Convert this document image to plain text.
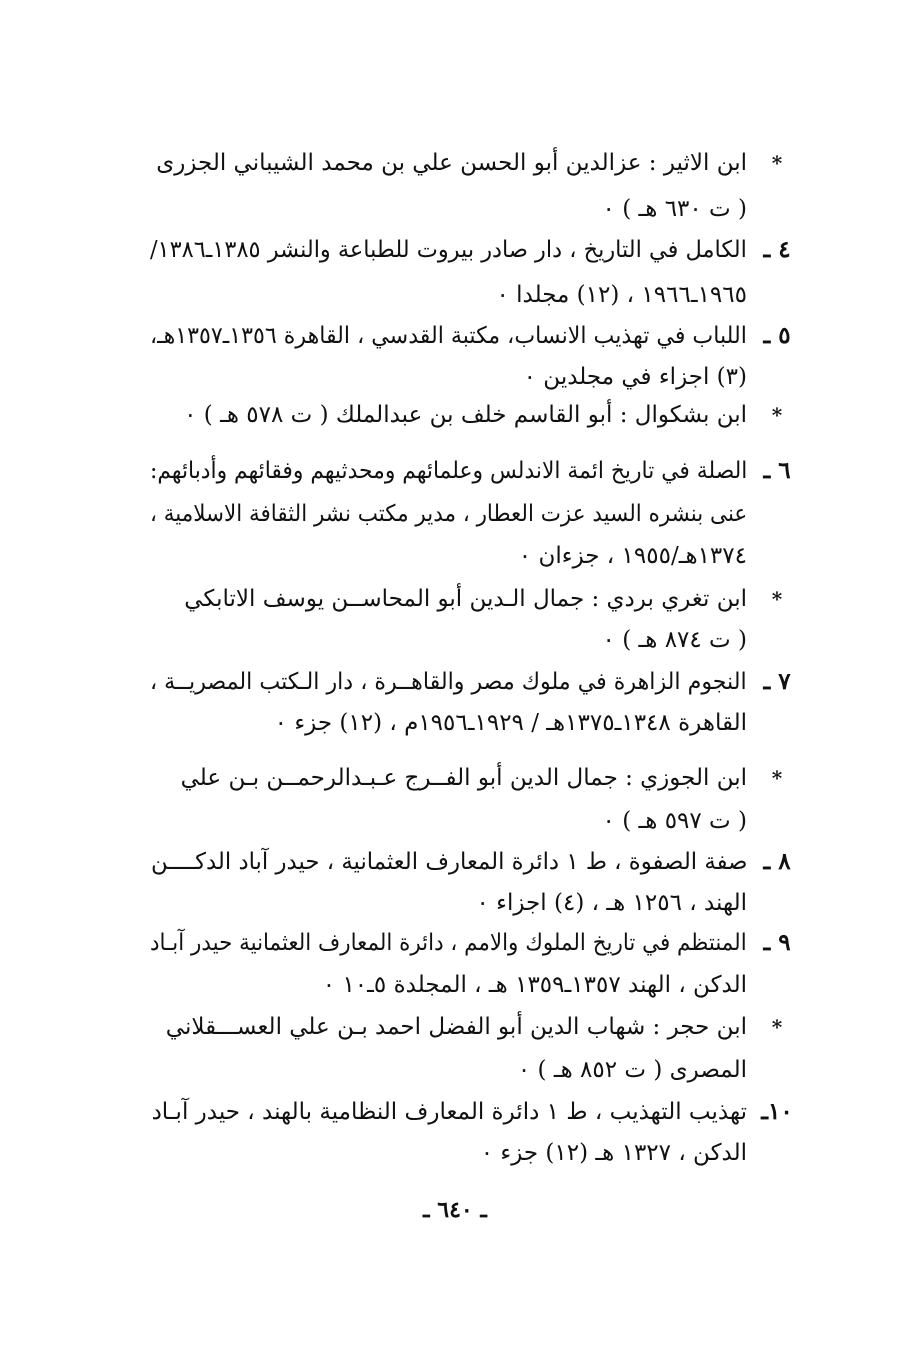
*
ابن الاثير : عزالدين أبو الحسن علي بن محمد الشيباني الجزرى
( ت ٦٣٠ هـ ) ٠
٤ ـ
الكامل في التاريخ ، دار صادر بيروت للطباعة والنشر ١٣٨٥ـ١٣٨٦/
١٩٦٥ـ١٩٦٦ ، (١٢) مجلدا ٠
٥ ـ
اللباب في تهذيب الانساب، مكتبة القدسي ، القاهرة ١٣٥٦ـ١٣٥٧هـ،
(٣) اجزاء في مجلدين ٠
*
ابن بشكوال : أبو القاسم خلف بن عبدالملك ( ت ٥٧٨ هـ ) ٠
٦ ـ
الصلة في تاريخ ائمة الاندلس وعلمائهم ومحدثيهم وفقائهم وأدبائهم:
عنى بنشره السيد عزت العطار ، مدير مكتب نشر الثقافة الاسلامية ،
١٣٧٤هـ/١٩٥٥ ، جزءان ٠
*
ابن تغري بردي : جمال الـدين أبو المحاســن يوسف الاتابكي
( ت ٨٧٤ هـ ) ٠
٧ ـ
النجوم الزاهرة في ملوك مصر والقاهــرة ، دار الـكتب المصريــة ،
القاهرة ١٣٤٨ـ١٣٧٥هـ / ١٩٢٩ـ١٩٥٦م ، (١٢) جزء ٠
*
ابن الجوزي : جمال الدين أبو الفــرج عـبـدالرحمــن بـن علي
( ت ٥٩٧ هـ ) ٠
٨ ـ
صفة الصفوة ، ط ١ دائرة المعارف العثمانية ، حيدر آباد الدكــــن
الهند ، ١٢٥٦ هـ ، (٤) اجزاء ٠
٩ ـ
المنتظم في تاريخ الملوك والامم ، دائرة المعارف العثمانية حيدر آبـاد
الدكن ، الهند ١٣٥٧ـ١٣٥٩ هـ ، المجلدة ٥ـ١٠ ٠
*
ابن حجر : شهاب الدين أبو الفضل احمد بـن علي العســـقلاني
المصرى ( ت ٨٥٢ هـ ) ٠
١٠ـ
تهذيب التهذيب ، ط ١ دائرة المعارف النظامية بالهند ، حيدر آبـاد
الدكن ، ١٣٢٧ هـ (١٢) جزء ٠
ـ ٦٤٠ ـ
